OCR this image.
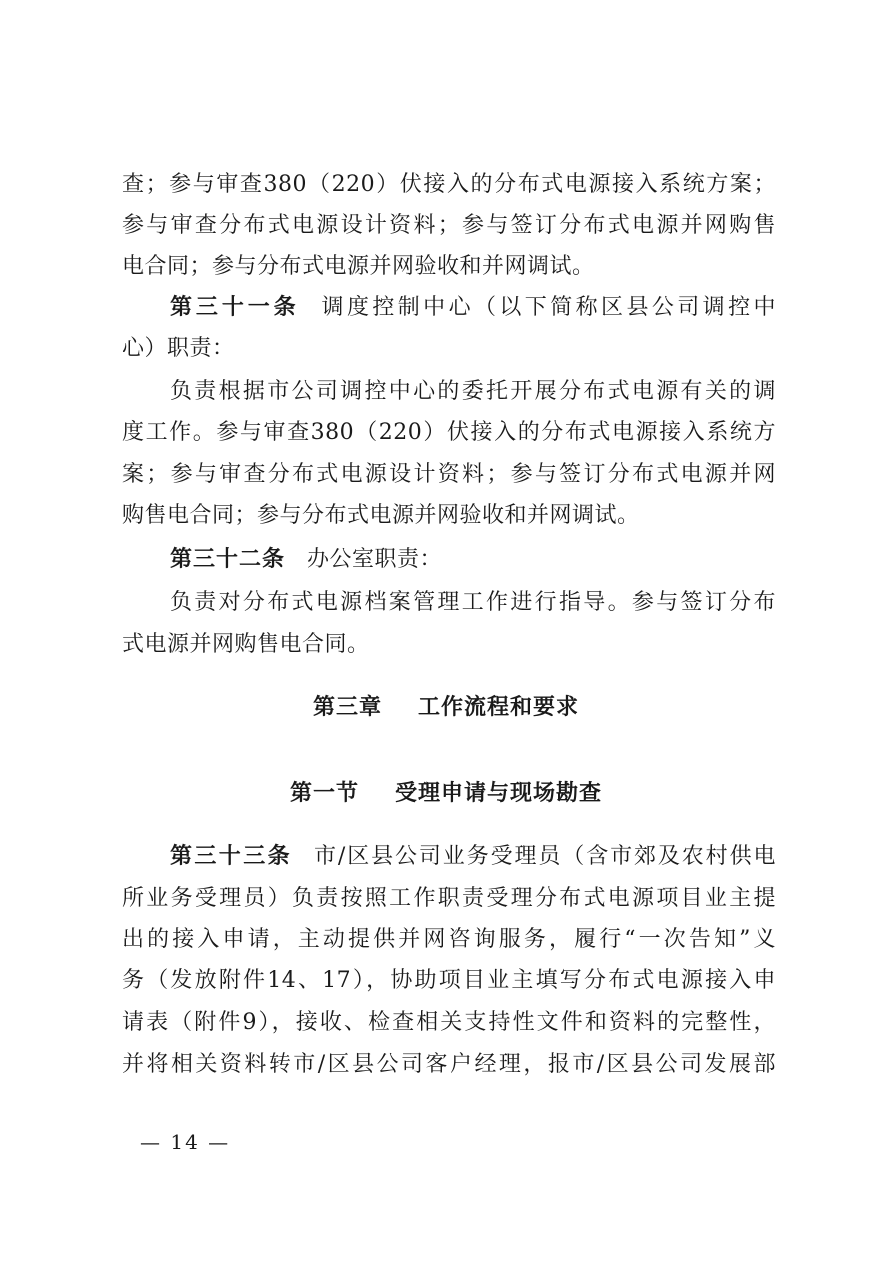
查；参与审查380（220）伏接入的分布式电源接入系统方案；
参与审查分布式电源设计资料；参与签订分布式电源并网购售
电合同；参与分布式电源并网验收和并网调试。
第三十一条 调度控制中心（以下简称区县公司调控中
心）职责：
负责根据市公司调控中心的委托开展分布式电源有关的调
度工作。参与审查380（220）伏接入的分布式电源接入系统方
案；参与审查分布式电源设计资料；参与签订分布式电源并网
购售电合同；参与分布式电源并网验收和并网调试。
第三十二条 办公室职责：
负责对分布式电源档案管理工作进行指导。参与签订分布
式电源并网购售电合同。
第三章 工作流程和要求
第一节 受理申请与现场勘查
第三十三条 市/区县公司业务受理员（含市郊及农村供电
所业务受理员）负责按照工作职责受理分布式电源项目业主提
出的接入申请，主动提供并网咨询服务，履行“一次告知”义
务（发放附件14、17），协助项目业主填写分布式电源接入申
请表（附件9），接收、检查相关支持性文件和资料的完整性，
并将相关资料转市/区县公司客户经理，报市/区县公司发展部
— 14 —
